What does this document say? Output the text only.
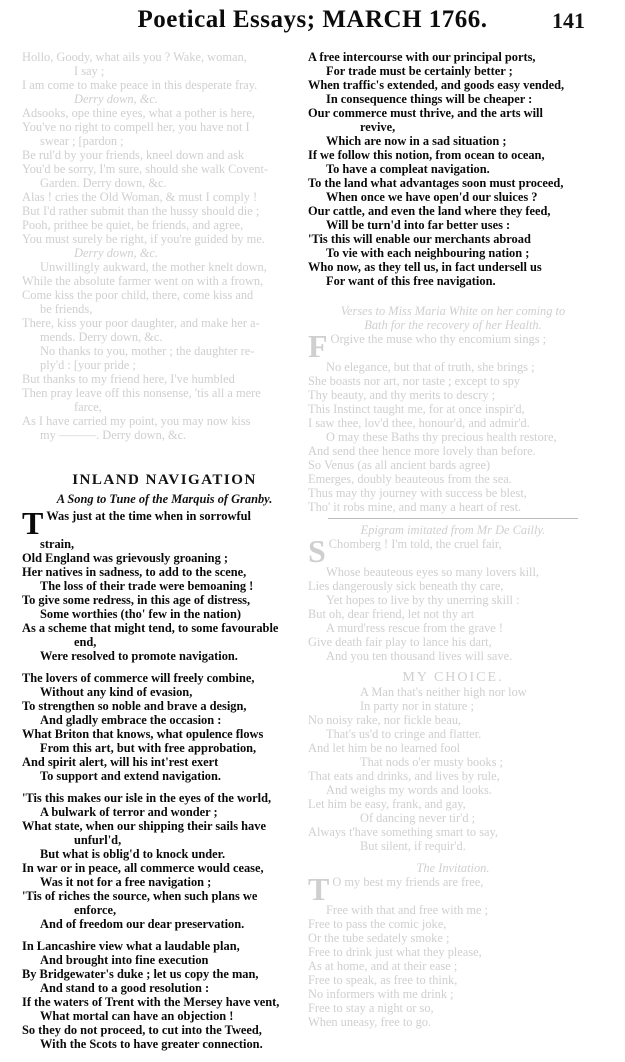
Poetical Essays; MARCH 1766.	141
Hollo, Goody, what ails you ? Wake, woman,
I say ;
I am come to make peace in this desperate fray.
Derry down, &c.
Adsooks, ope thine eyes, what a pother is here,
You've no right to compell her, you have not I
swear ; [pardon ;
Be rul'd by your friends, kneel down and ask
You'd be sorry, I'm sure, should she walk Covent-
Garden. Derry down, &c.
Alas ! cries the Old Woman, & must I comply !
But I'd rather submit than the hussy should die ;
Pooh, prithee be quiet, be friends, and agree,
You must surely be right, if you're guided by me.
Derry down, &c.
Unwillingly aukward, the mother knelt down,
While the absolute farmer went on with a frown,
Come kiss the poor child, there, come kiss and
be friends,
There, kiss your poor daughter, and make her a-
mends. Derry down, &c.
No thanks to you, mother ; the daughter re-
ply'd : [your pride ;
But thanks to my friend here, I've humbled
Then pray leave off this nonsense, 'tis all a mere
farce,
As I have carried my point, you may now kiss
my ———. Derry down, &c.
INLAND NAVIGATION
A Song to Tune of the Marquis of Granby.
T Was just at the time when in sorrowful
strain,
Old England was grievously groaning ;
Her natives in sadness, to add to the scene,
The loss of their trade were bemoaning !
To give some redress, in this age of distress,
Some worthies (tho' few in the nation)
As a scheme that might tend, to some favourable
end,
Were resolved to promote navigation.
The lovers of commerce will freely combine,
Without any kind of evasion,
To strengthen so noble and brave a design,
And gladly embrace the occasion :
What Briton that knows, what opulence flows
From this art, but with free approbation,
And spirit alert, will his int'rest exert
To support and extend navigation.
'Tis this makes our isle in the eyes of the world,
A bulwark of terror and wonder ;
What state, when our shipping their sails have
unfurl'd,
But what is oblig'd to knock under.
In war or in peace, all commerce would cease,
Was it not for a free navigation ;
'Tis of riches the source, when such plans we
enforce,
And of freedom our dear preservation.
In Lancashire view what a laudable plan,
And brought into fine execution
By Bridgewater's duke ; let us copy the man,
And stand to a good resolution :
If the waters of Trent with the Mersey have vent,
What mortal can have an objection !
So they do not proceed, to cut into the Tweed,
With the Scots to have greater connection.
A free intercourse with our principal ports,
For trade must be certainly better ;
When traffic's extended, and goods easy vended,
In consequence things will be cheaper :
Our commerce must thrive, and the arts will
revive,
Which are now in a sad situation ;
If we follow this notion, from ocean to ocean,
To have a compleat navigation.
To the land what advantages soon must proceed,
When once we have open'd our sluices ?
Our cattle, and even the land where they feed,
Will be turn'd into far better uses :
'Tis this will enable our merchants abroad
To vie with each neighbouring nation ;
Who now, as they tell us, in fact undersell us
For want of this free navigation.
Verses to Miss Maria White on her coming to
Bath for the recovery of her Health.
F Orgive the muse who thy encomium sings ;
No elegance, but that of truth, she brings ;
She boasts nor art, nor taste ; except to spy
Thy beauty, and thy merits to descry ;
This Instinct taught me, for at once inspir'd,
I saw thee, lov'd thee, honour'd, and admir'd.
O may these Baths thy precious health restore,
And send thee hence more lovely than before.
So Venus (as all ancient bards agree)
Emerges, doubly beauteous from the sea.
Thus may thy journey with success be blest,
Tho' it robs mine, and many a heart of rest.
Epigram imitated from Mr De Cailly.
S Chomberg ! I'm told, the cruel fair,
Whose beauteous eyes so many lovers kill,
Lies dangerously sick beneath thy care,
Yet hopes to live by thy unerring skill :
But oh, dear friend, let not thy art
A murd'ress rescue from the grave !
Give death fair play to lance his dart,
And you ten thousand lives will save.
MY CHOICE.
A Man that's neither high nor low
In party nor in stature ;
No noisy rake, nor fickle beau,
That's us'd to cringe and flatter.
And let him be no learned fool
That nods o'er musty books ;
That eats and drinks, and lives by rule,
And weighs my words and looks.
Let him be easy, frank, and gay,
Of dancing never tir'd ;
Always t'have something smart to say,
But silent, if requir'd.
The Invitation.
T O my best my friends are free,
Free with that and free with me ;
Free to pass the comic joke,
Or the tube sedately smoke ;
Free to drink just what they please,
As at home, and at their ease ;
Free to speak, as free to think,
No informers with me drink ;
Free to stay a night or so,
When uneasy, free to go.
